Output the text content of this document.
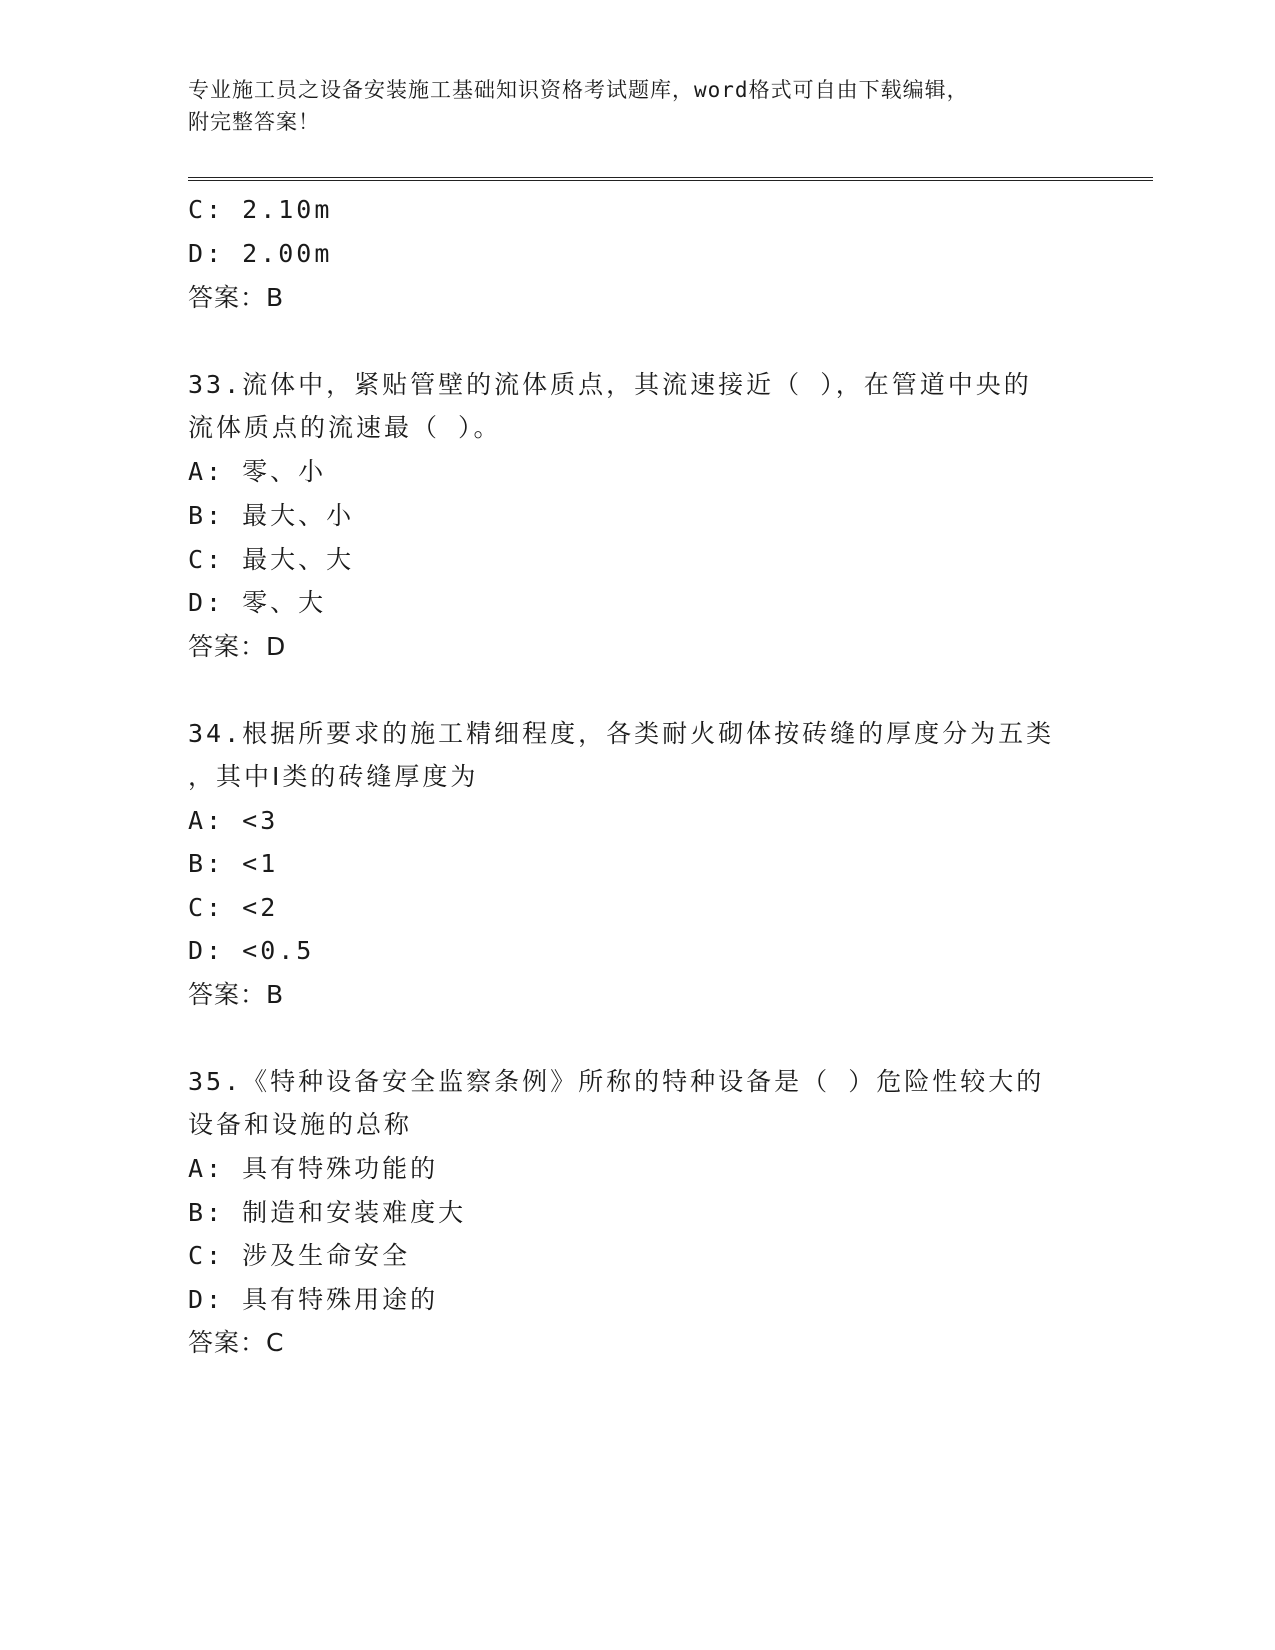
专业施工员之设备安装施工基础知识资格考试题库，word格式可自由下载编辑，
附完整答案！
C: 2.10m
D: 2.00m
答案：B
33.流体中，紧贴管壁的流体质点，其流速接近（ ），在管道中央的
流体质点的流速最（ ）。
A: 零、小
B: 最大、小
C: 最大、大
D: 零、大
答案：D
34.根据所要求的施工精细程度，各类耐火砌体按砖缝的厚度分为五类
，其中Ⅰ类的砖缝厚度为
A: <3
B: <1
C: <2
D: <0.5
答案：B
35.《特种设备安全监察条例》所称的特种设备是（ ）危险性较大的
设备和设施的总称
A: 具有特殊功能的
B: 制造和安装难度大
C: 涉及生命安全
D: 具有特殊用途的
答案：C
